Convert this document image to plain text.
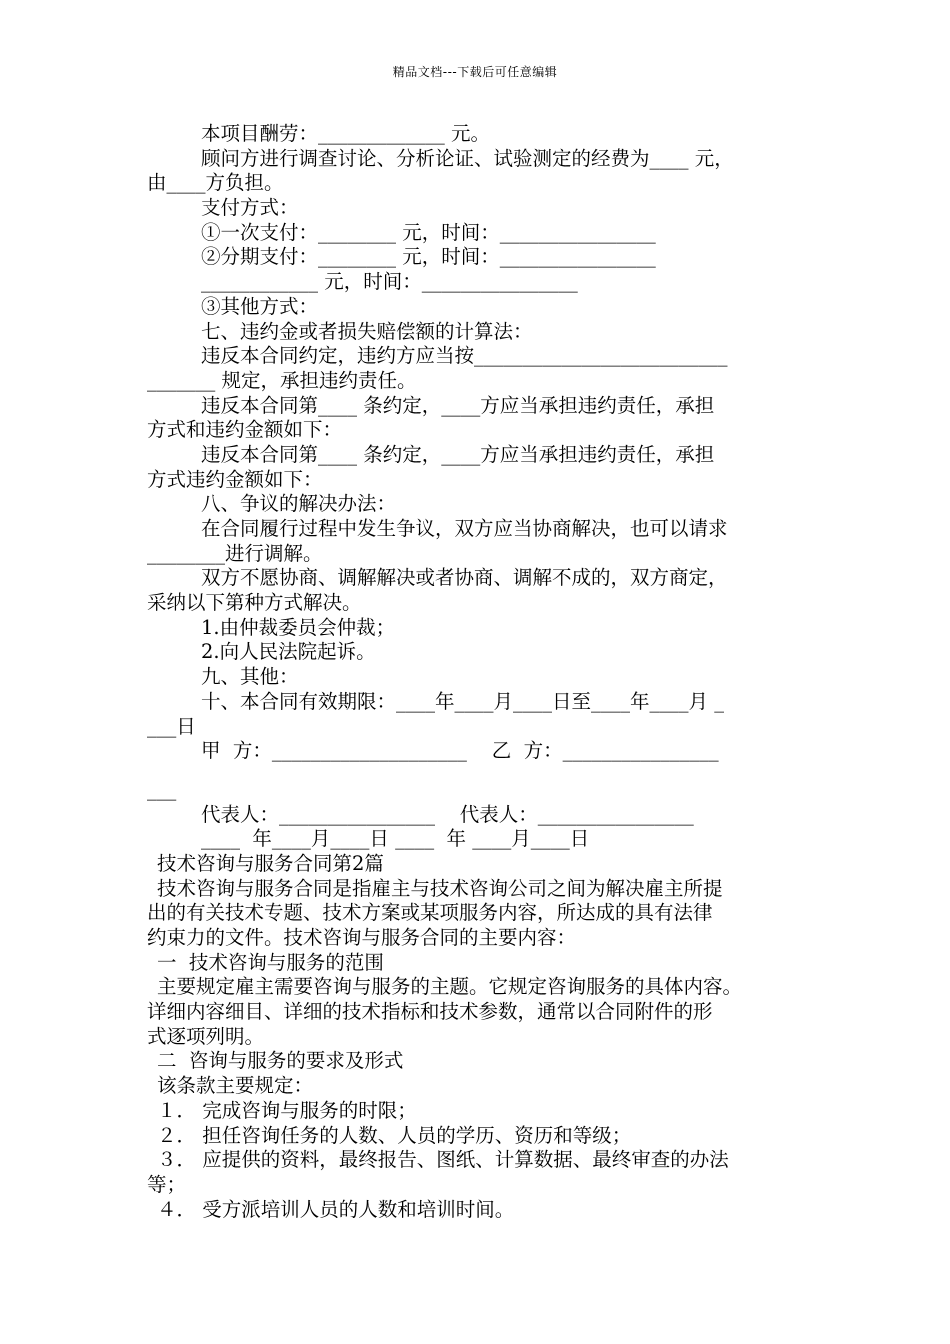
精品文档---下载后可任意编辑
本项目酬劳：_____________ 元。
顾问方进行调查讨论、分析论证、试验测定的经费为____ 元，
由____方负担。
支付方式：
①一次支付：________ 元，时间：________________
②分期支付：________ 元，时间：________________
____________ 元，时间：________________
③其他方式：
七、违约金或者损失赔偿额的计算法：
违反本合同约定，违约方应当按__________________________
_______ 规定，承担违约责任。
违反本合同第____ 条约定，____方应当承担违约责任，承担
方式和违约金额如下：
违反本合同第____ 条约定，____方应当承担违约责任，承担
方式违约金额如下：
八、争议的解决办法：
在合同履行过程中发生争议，双方应当协商解决，也可以请求
________进行调解。
双方不愿协商、调解解决或者协商、调解不成的，双方商定，
采纳以下第种方式解决。
1.由仲裁委员会仲裁；
2.向人民法院起诉。
九、其他：
十、本合同有效期限：____年____月____日至____年____月 _
___日
甲  方：____________________    乙  方：________________
___
代表人：________________    代表人：________________
____  年____月____日 ____  年 ____月____日
技术咨询与服务合同第2篇
技术咨询与服务合同是指雇主与技术咨询公司之间为解决雇主所提
出的有关技术专题、技术方案或某项服务内容，所达成的具有法律
约束力的文件。技术咨询与服务合同的主要内容：
一  技术咨询与服务的范围
主要规定雇主需要咨询与服务的主题。它规定咨询服务的具体内容。
详细内容细目、详细的技术指标和技术参数，通常以合同附件的形
式逐项列明。
二  咨询与服务的要求及形式
该条款主要规定：
１． 完成咨询与服务的时限；
２． 担任咨询任务的人数、人员的学历、资历和等级；
３． 应提供的资料，最终报告、图纸、计算数据、最终审查的办法
等；
４． 受方派培训人员的人数和培训时间。
